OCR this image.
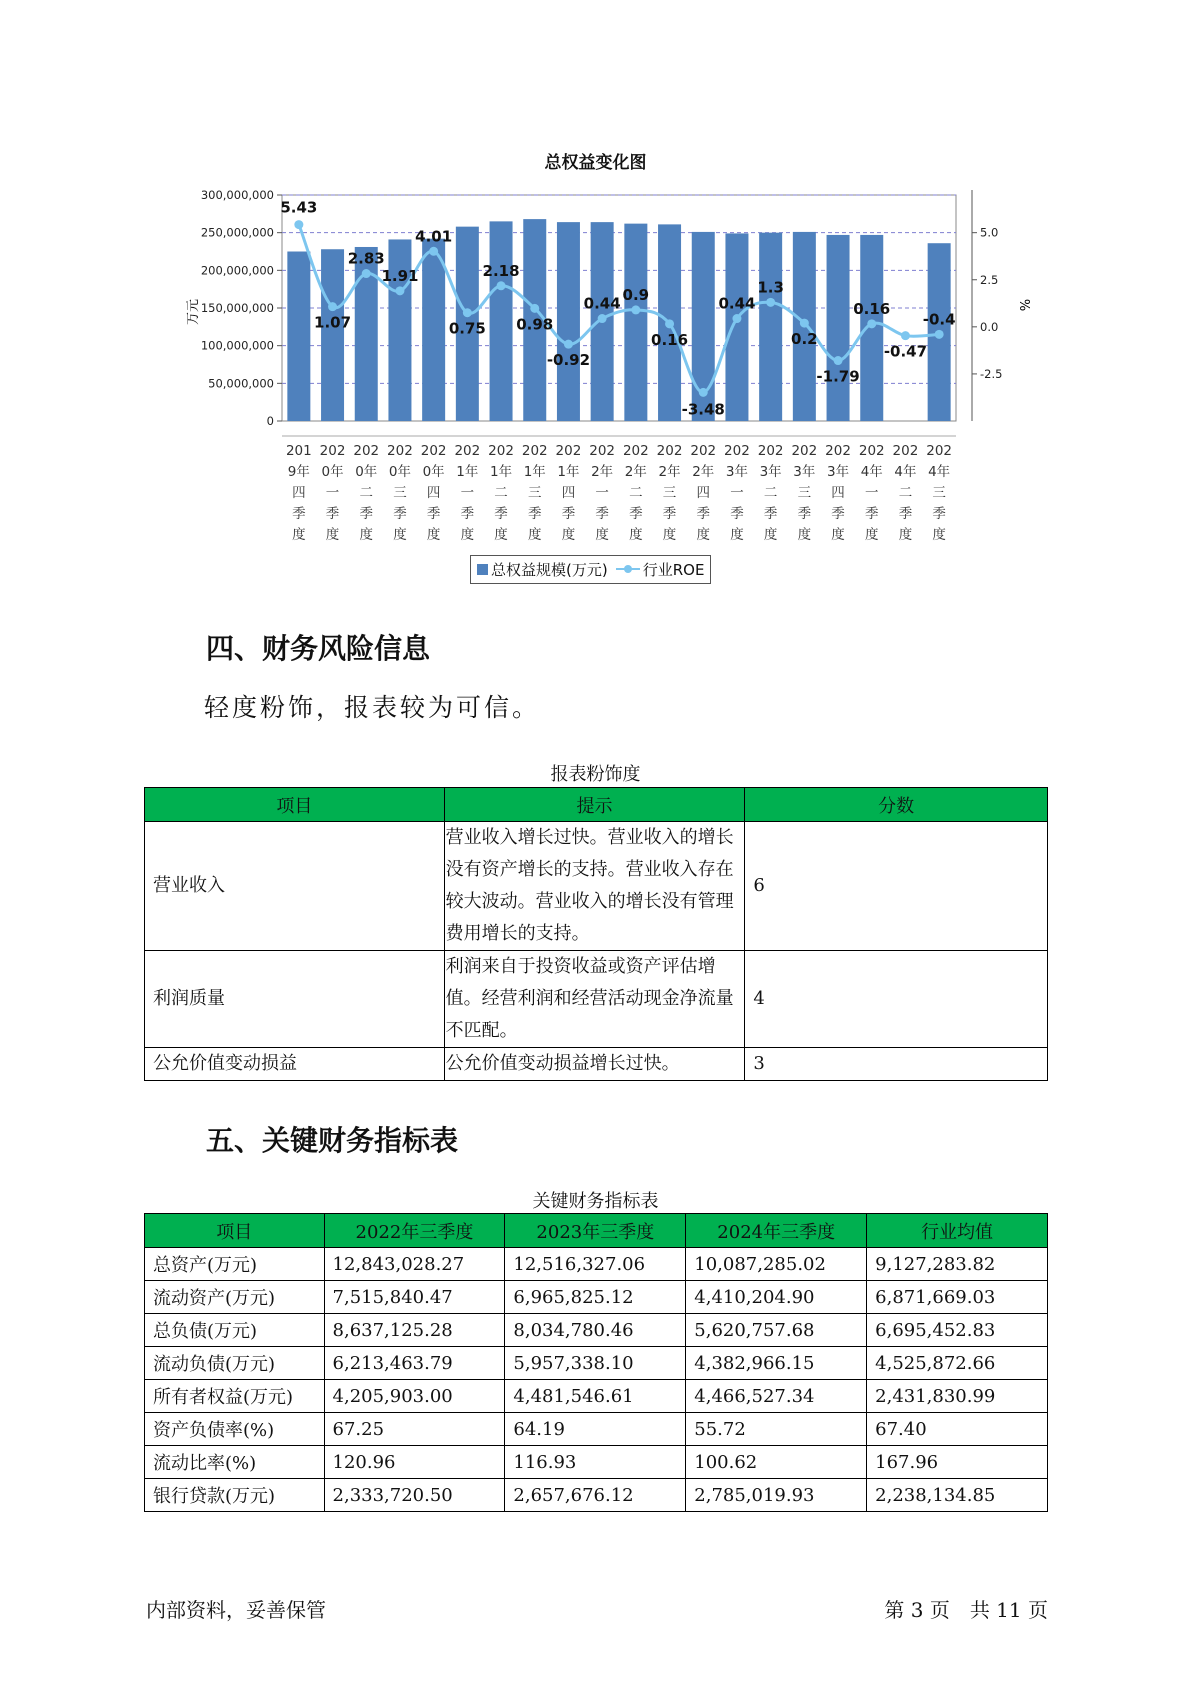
总权益变化图
300,000,000
250,000,000
200,000,000
150,000,000
100,000,000
50,000,000
0
5.0
2.5
0.0
-2.5
5.43
1.07
2.83
1.91
4.01
0.75
2.18
0.98
-0.92
0.44 0.9
0.16
-3.48
0.44
1.3
0.2
-1.79
0.16
-0.47
-0.4
万元	%
201
9年
四
季
度
202
0年
一
季
度
202
0年
二
季
度
202
0年
三
季
度
202
0年
四
季
度
202
1年
一
季
度
202
1年
二
季
度
202
1年
三
季
度
202
1年
四
季
度
202
2年
一
季
度
202
2年
二
季
度
202
2年
三
季
度
202
2年
四
季
度
202
3年
一
季
度
202
3年
二
季
度
202
3年
三
季
度
202
3年
四
季
度
202
4年
一
季
度
202
4年
二
季
度
202
4年
三
季
度
总权益规模(万元)	行业ROE
四、财务风险信息
轻度粉饰，报表较为可信。
报表粉饰度
项目	提示	分数
营业收入	营业收入增长过快。营业收入的增长没有资产增长的支持。营业收入存在较大波动。营业收入的增长没有管理费用增长的支持。	6
利润质量	利润来自于投资收益或资产评估增值。经营利润和经营活动现金净流量不匹配。	4
公允价值变动损益	公允价值变动损益增长过快。	3
五、关键财务指标表
关键财务指标表
项目	2022年三季度	2023年三季度	2024年三季度	行业均值
总资产(万元)	12,843,028.27	12,516,327.06	10,087,285.02	9,127,283.82
流动资产(万元)	7,515,840.47	6,965,825.12	4,410,204.90	6,871,669.03
总负债(万元)	8,637,125.28	8,034,780.46	5,620,757.68	6,695,452.83
流动负债(万元)	6,213,463.79	5,957,338.10	4,382,966.15	4,525,872.66
所有者权益(万元)	4,205,903.00	4,481,546.61	4,466,527.34	2,431,830.99
资产负债率(%)	67.25	64.19	55.72	67.40
流动比率(%)	120.96	116.93	100.62	167.96
银行贷款(万元)	2,333,720.50	2,657,676.12	2,785,019.93	2,238,134.85
内部资料，妥善保管	第 3 页　共 11 页
